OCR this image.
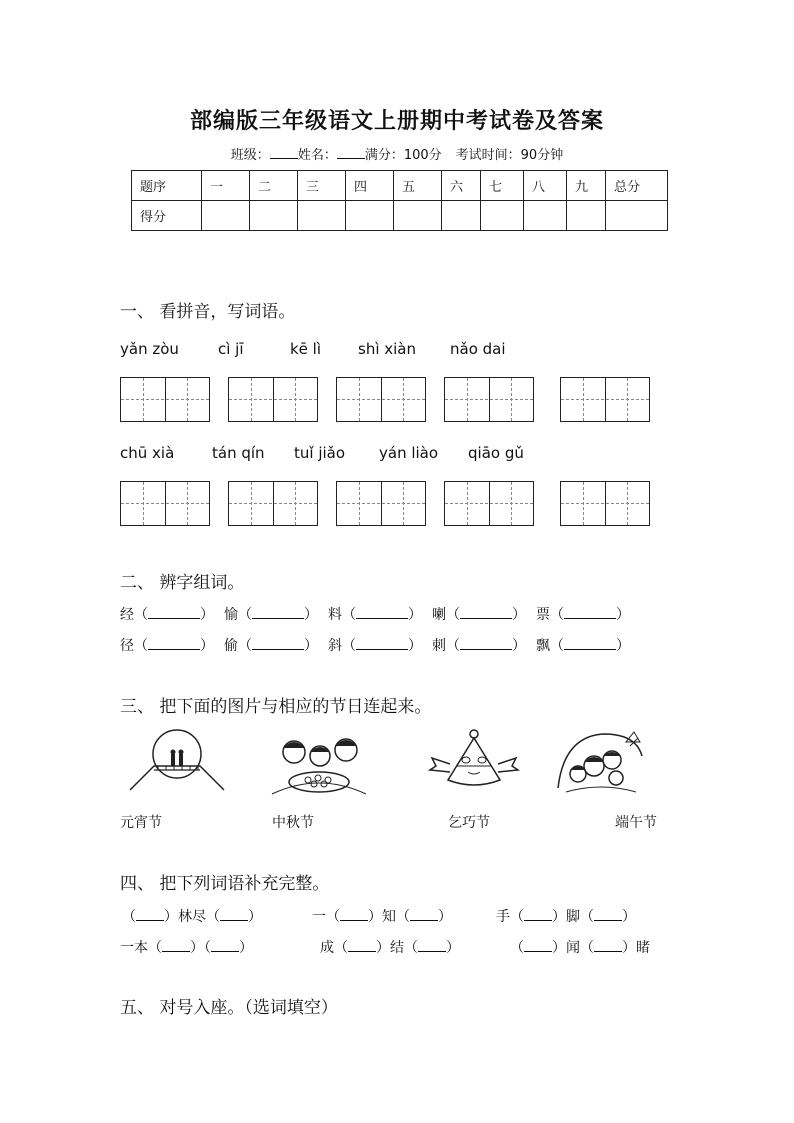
部编版三年级语文上册期中考试卷及答案
班级： 姓名： 满分：100分 考试时间：90分钟
题序	一	二	三	四	五	六	七	八	九	总分
得分										
一、 看拼音，写词语。
yǎn zòu	cì jī	kē lì shì xiàn nǎo dai
chū xià	tán qín tuǐ jiǎo yán liào qiāo gǔ
二、 辨字组词。
经（	） 愉（	） 料（	） 喇（	） 票（	）
径（	） 偷（	） 斜（	） 刺（	） 飘（	）
三、 把下面的图片与相应的节日连起来。
元宵节	中秋节	乞巧节	端午节
四、 把下列词语补充完整。
（ ）林尽（ ）	一（ ）知（ ）	手（ ）脚（ ）
一本（ ）（ ）	成（ ）结（ ）	（ ）闻（ ）睹
五、 对号入座。（选词填空）
